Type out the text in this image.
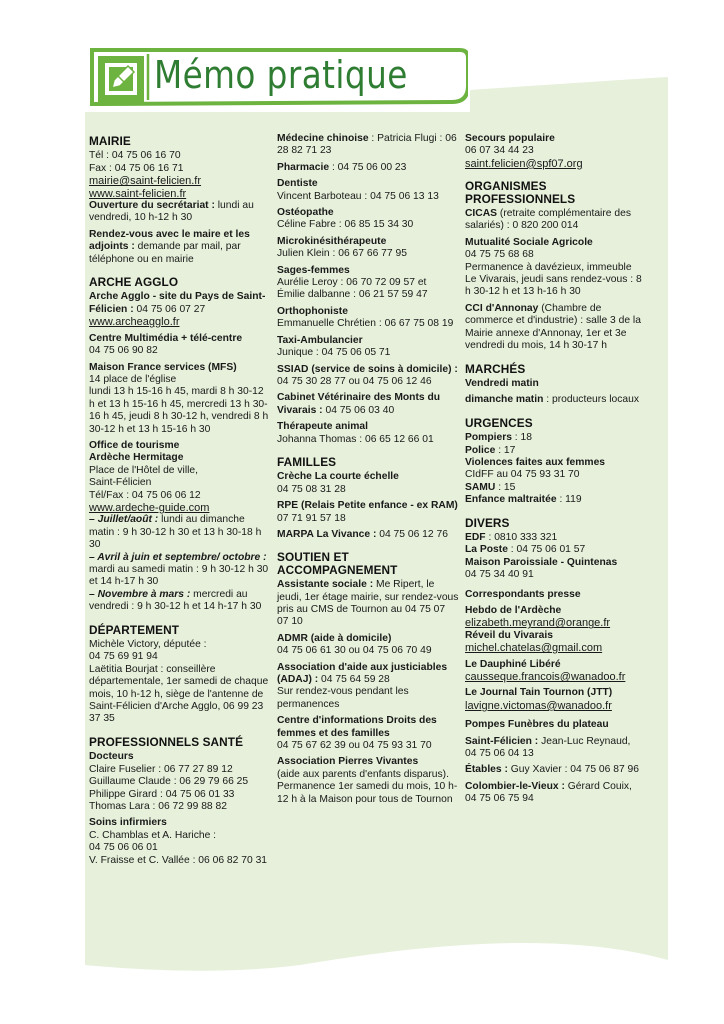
Mémo pratique
MAIRIE
Tél : 04 75 06 16 70
Fax : 04 75 06 16 71
mairie@saint-felicien.fr
www.saint-felicien.fr
Ouverture du secrétariat : lundi au vendredi, 10 h-12 h 30
Rendez-vous avec le maire et les adjoints : demande par mail, par téléphone ou en mairie
ARCHE AGGLO
Arche Agglo - site du Pays de Saint-Félicien : 04 75 06 07 27
www.archeagglo.fr
Centre Multimédia + télé-centre
04 75 06 90 82
Maison France services (MFS)
14 place de l'église
lundi 13 h 15-16 h 45, mardi 8 h 30-12 h et 13 h 15-16 h 45, mercredi 13 h 30-16 h 45, jeudi 8 h 30-12 h, vendredi 8 h 30-12 h et 13 h 15-16 h 30
Office de tourisme
Ardèche Hermitage
Place de l'Hôtel de ville,
Saint-Félicien
Tél/Fax : 04 75 06 06 12
www.ardeche-guide.com
– Juillet/août : lundi au dimanche matin : 9 h 30-12 h 30 et 13 h 30-18 h 30
– Avril à juin et septembre/ octobre : mardi au samedi matin : 9 h 30-12 h 30 et 14 h-17 h 30
– Novembre à mars : mercredi au vendredi : 9 h 30-12 h et 14 h-17 h 30
DÉPARTEMENT
Michèle Victory, députée :
04 75 69 91 94
Laëtitia Bourjat : conseillère départementale, 1er samedi de chaque mois, 10 h-12 h, siège de l'antenne de Saint-Félicien d'Arche Agglo, 06 99 23 37 35
PROFESSIONNELS SANTÉ
Docteurs
Claire Fuselier : 06 77 27 89 12
Guillaume Claude : 06 29 79 66 25
Philippe Girard : 04 75 06 01 33
Thomas Lara : 06 72 99 88 82
Soins infirmiers
C. Chamblas et A. Hariche :
04 75 06 06 01
V. Fraisse et C. Vallée : 06 06 82 70 31
Médecine chinoise : Patricia Flugi : 06 28 82 71 23
Pharmacie : 04 75 06 00 23
Dentiste
Vincent Barboteau : 04 75 06 13 13
Ostéopathe
Céline Fabre : 06 85 15 34 30
Microkinésithérapeute
Julien Klein : 06 67 66 77 95
Sages-femmes
Aurélie Leroy : 06 70 72 09 57 et
Émilie dalbanne : 06 21 57 59 47
Orthophoniste
Emmanuelle Chrétien : 06 67 75 08 19
Taxi-Ambulancier
Junique : 04 75 06 05 71
SSIAD (service de soins à domicile) : 04 75 30 28 77 ou 04 75 06 12 46
Cabinet Vétérinaire des Monts du Vivarais : 04 75 06 03 40
Thérapeute animal
Johanna Thomas : 06 65 12 66 01
FAMILLES
Crèche La courte échelle
04 75 08 31 28
RPE (Relais Petite enfance - ex RAM)
07 71 91 57 18
MARPA La Vivance : 04 75 06 12 76
SOUTIEN ET ACCOMPAGNEMENT
Assistante sociale : Me Ripert, le jeudi, 1er étage mairie, sur rendez-vous pris au CMS de Tournon au 04 75 07 07 10
ADMR (aide à domicile)
04 75 06 61 30 ou 04 75 06 70 49
Association d'aide aux justiciables (ADAJ) : 04 75 64 59 28
Sur rendez-vous pendant les permanences
Centre d'informations Droits des femmes et des familles
04 75 67 62 39 ou 04 75 93 31 70
Association Pierres Vivantes
(aide aux parents d'enfants disparus). Permanence 1er samedi du mois, 10 h-12 h à la Maison pour tous de Tournon
Secours populaire
06 07 34 44 23
saint.felicien@spf07.org
ORGANISMES PROFESSIONNELS
CICAS (retraite complémentaire des salariés) : 0 820 200 014
Mutualité Sociale Agricole
04 75 75 68 68
Permanence à davézieux, immeuble Le Vivarais, jeudi sans rendez-vous : 8 h 30-12 h et 13 h-16 h 30
CCI d'Annonay (Chambre de commerce et d'industrie) : salle 3 de la Mairie annexe d'Annonay, 1er et 3e vendredi du mois, 14 h 30-17 h
MARCHÉS
Vendredi matin
dimanche matin : producteurs locaux
URGENCES
Pompiers : 18
Police : 17
Violences faites aux femmes
CIdFF au 04 75 93 31 70
SAMU : 15
Enfance maltraitée : 119
DIVERS
EDF : 0810 333 321
La Poste : 04 75 06 01 57
Maison Paroissiale - Quintenas
04 75 34 40 91
Correspondants presse
Hebdo de l'Ardèche
elizabeth.meyrand@orange.fr
Réveil du Vivarais
michel.chatelas@gmail.com
Le Dauphiné Libéré
causseque.francois@wanadoo.fr
Le Journal Tain Tournon (JTT)
lavigne.victomas@wanadoo.fr
Pompes Funèbres du plateau
Saint-Félicien : Jean-Luc Reynaud, 04 75 06 04 13
Étables : Guy Xavier : 04 75 06 87 96
Colombier-le-Vieux : Gérard Couix, 04 75 06 75 94
